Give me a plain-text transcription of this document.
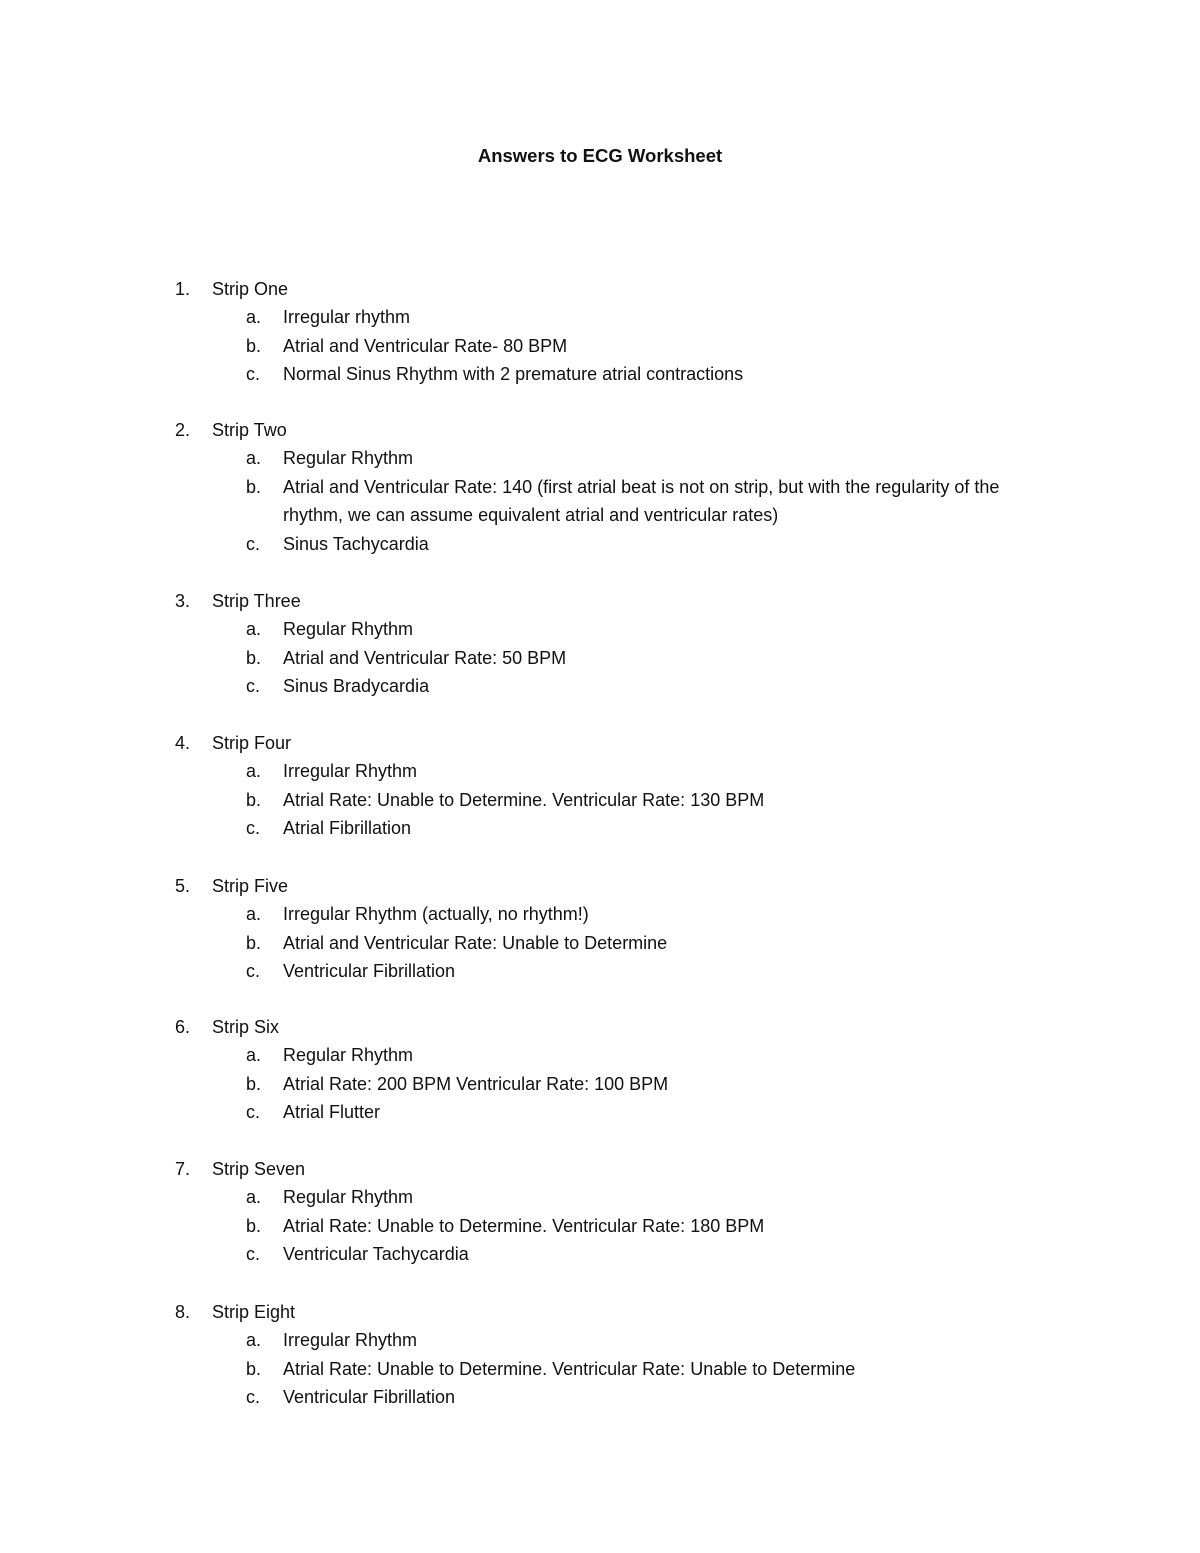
Answers to ECG Worksheet
1. Strip One
a. Irregular rhythm
b. Atrial and Ventricular Rate- 80 BPM
c. Normal Sinus Rhythm with 2 premature atrial contractions
2. Strip Two
a. Regular Rhythm
b. Atrial and Ventricular Rate: 140 (first atrial beat is not on strip, but with the regularity of the rhythm, we can assume equivalent atrial and ventricular rates)
c. Sinus Tachycardia
3. Strip Three
a. Regular Rhythm
b. Atrial and Ventricular Rate: 50 BPM
c. Sinus Bradycardia
4. Strip Four
a. Irregular Rhythm
b. Atrial Rate: Unable to Determine. Ventricular Rate: 130 BPM
c. Atrial Fibrillation
5. Strip Five
a. Irregular Rhythm (actually, no rhythm!)
b. Atrial and Ventricular Rate: Unable to Determine
c. Ventricular Fibrillation
6. Strip Six
a. Regular Rhythm
b. Atrial Rate: 200 BPM Ventricular Rate: 100 BPM
c. Atrial Flutter
7. Strip Seven
a. Regular Rhythm
b. Atrial Rate: Unable to Determine. Ventricular Rate: 180 BPM
c. Ventricular Tachycardia
8. Strip Eight
a. Irregular Rhythm
b. Atrial Rate: Unable to Determine. Ventricular Rate: Unable to Determine
c. Ventricular Fibrillation
